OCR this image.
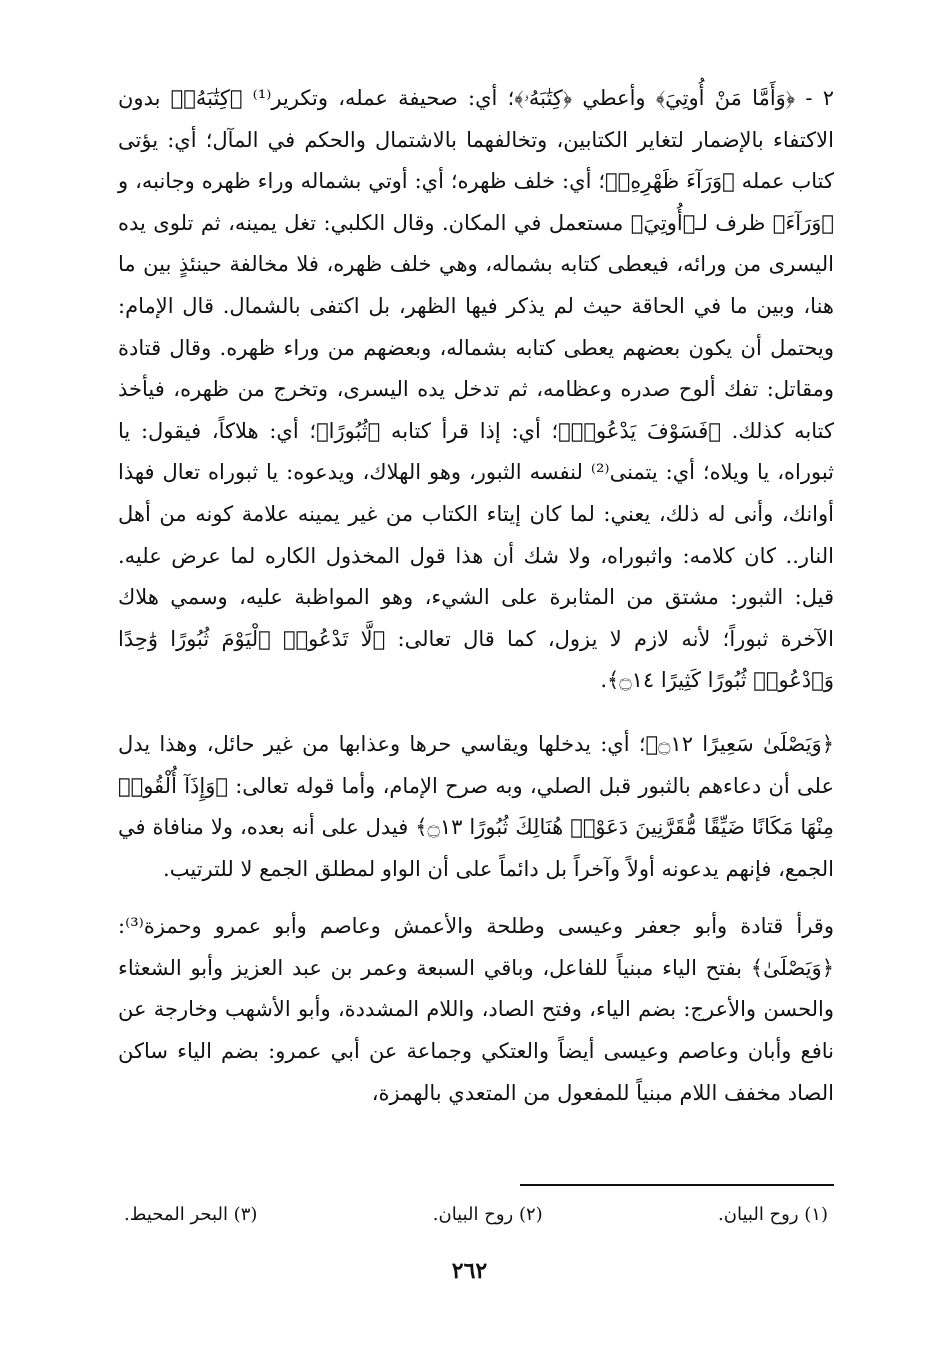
٢ - ﴿وَأَمَّا مَنْ أُوتِيَ﴾ وأعطي ﴿كِتَٰبَهُۥ﴾؛ أي: صحيفة عمله، وتكرير⁽¹⁾ ﴿كِتَٰبَهُۥ﴾ بدون الاكتفاء بالإضمار لتغاير الكتابين، وتخالفهما بالاشتمال والحكم في المآل؛ أي: يؤتى كتاب عمله ﴿وَرَآءَ ظَهْرِهِۦ﴾؛ أي: خلف ظهره؛ أي: أوتي بشماله وراء ظهره وجانبه، و ﴿وَرَآءَ﴾ ظرف لـ﴿أُوتِيَ﴾ مستعمل في المكان. وقال الكلبي: تغل يمينه، ثم تلوى يده اليسرى من ورائه، فيعطى كتابه بشماله، وهي خلف ظهره، فلا مخالفة حينئذٍ بين ما هنا، وبين ما في الحاقة حيث لم يذكر فيها الظهر، بل اكتفى بالشمال. قال الإمام: ويحتمل أن يكون بعضهم يعطى كتابه بشماله، وبعضهم من وراء ظهره. وقال قتادة ومقاتل: تفك ألوح صدره وعظامه، ثم تدخل يده اليسرى، وتخرج من ظهره، فيأخذ كتابه كذلك. ﴿فَسَوْفَ يَدْعُوا۟﴾؛ أي: إذا قرأ كتابه ﴿ثُبُورًا﴾؛ أي: هلاكاً، فيقول: يا ثبوراه، يا ويلاه؛ أي: يتمنى⁽²⁾ لنفسه الثبور، وهو الهلاك، ويدعوه: يا ثبوراه تعال فهذا أوانك، وأنى له ذلك، يعني: لما كان إيتاء الكتاب من غير يمينه علامة كونه من أهل النار.. كان كلامه: واثبوراه، ولا شك أن هذا قول المخذول الكاره لما عرض عليه. قيل: الثبور: مشتق من المثابرة على الشيء، وهو المواظبة عليه، وسمي هلاك الآخرة ثبوراً؛ لأنه لازم لا يزول، كما قال تعالى: ﴿لَّا تَدْعُوا۟ ٱلْيَوْمَ ثُبُورًا وَٰحِدًا وَٱدْعُوا۟ ثُبُورًا كَثِيرًا ۝١٤﴾.

﴿وَيَصْلَىٰ سَعِيرًا ۝١٢﴾؛ أي: يدخلها ويقاسي حرها وعذابها من غير حائل، وهذا يدل على أن دعاءهم بالثبور قبل الصلي، وبه صرح الإمام، وأما قوله تعالى: ﴿وَإِذَآ أُلْقُوا۟ مِنْهَا مَكَانًا ضَيِّقًا مُّقَرَّنِينَ دَعَوْا۟ هُنَالِكَ ثُبُورًا ۝١٣﴾ فيدل على أنه بعده، ولا منافاة في الجمع، فإنهم يدعونه أولاً وآخراً بل دائماً على أن الواو لمطلق الجمع لا للترتيب.

وقرأ قتادة وأبو جعفر وعيسى وطلحة والأعمش وعاصم وأبو عمرو وحمزة⁽³⁾: ﴿وَيَصْلَىٰ﴾ بفتح الياء مبنياً للفاعل، وباقي السبعة وعمر بن عبد العزيز وأبو الشعثاء والحسن والأعرج: بضم الياء، وفتح الصاد، واللام المشددة، وأبو الأشهب وخارجة عن نافع وأبان وعاصم وعيسى أيضاً والعتكي وجماعة عن أبي عمرو: بضم الياء ساكن الصاد مخفف اللام مبنياً للمفعول من المتعدي بالهمزة،

(١) روح البيان.
(٢) روح البيان.
(٣) البحر المحيط.
٢٦٢
